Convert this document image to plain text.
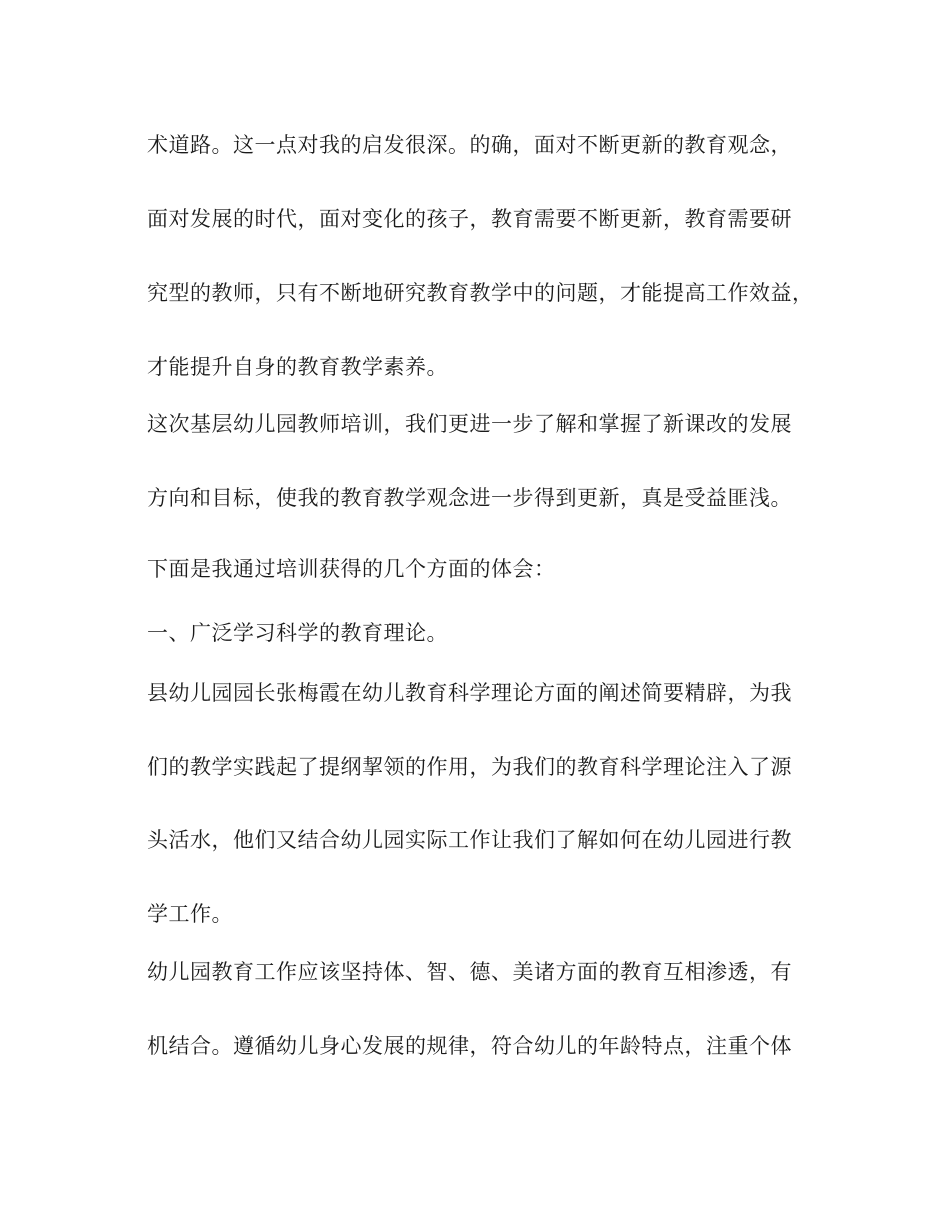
术道路。这一点对我的启发很深。的确，面对不断更新的教育观念，
面对发展的时代，面对变化的孩子，教育需要不断更新，教育需要研
究型的教师，只有不断地研究教育教学中的问题，才能提高工作效益，
才能提升自身的教育教学素养。
这次基层幼儿园教师培训，我们更进一步了解和掌握了新课改的发展
方向和目标，使我的教育教学观念进一步得到更新，真是受益匪浅。
下面是我通过培训获得的几个方面的体会：
一、广泛学习科学的教育理论。
县幼儿园园长张梅霞在幼儿教育科学理论方面的阐述简要精辟，为我
们的教学实践起了提纲挈领的作用，为我们的教育科学理论注入了源
头活水，他们又结合幼儿园实际工作让我们了解如何在幼儿园进行教
学工作。
幼儿园教育工作应该坚持体、智、德、美诸方面的教育互相渗透，有
机结合。遵循幼儿身心发展的规律，符合幼儿的年龄特点，注重个体
